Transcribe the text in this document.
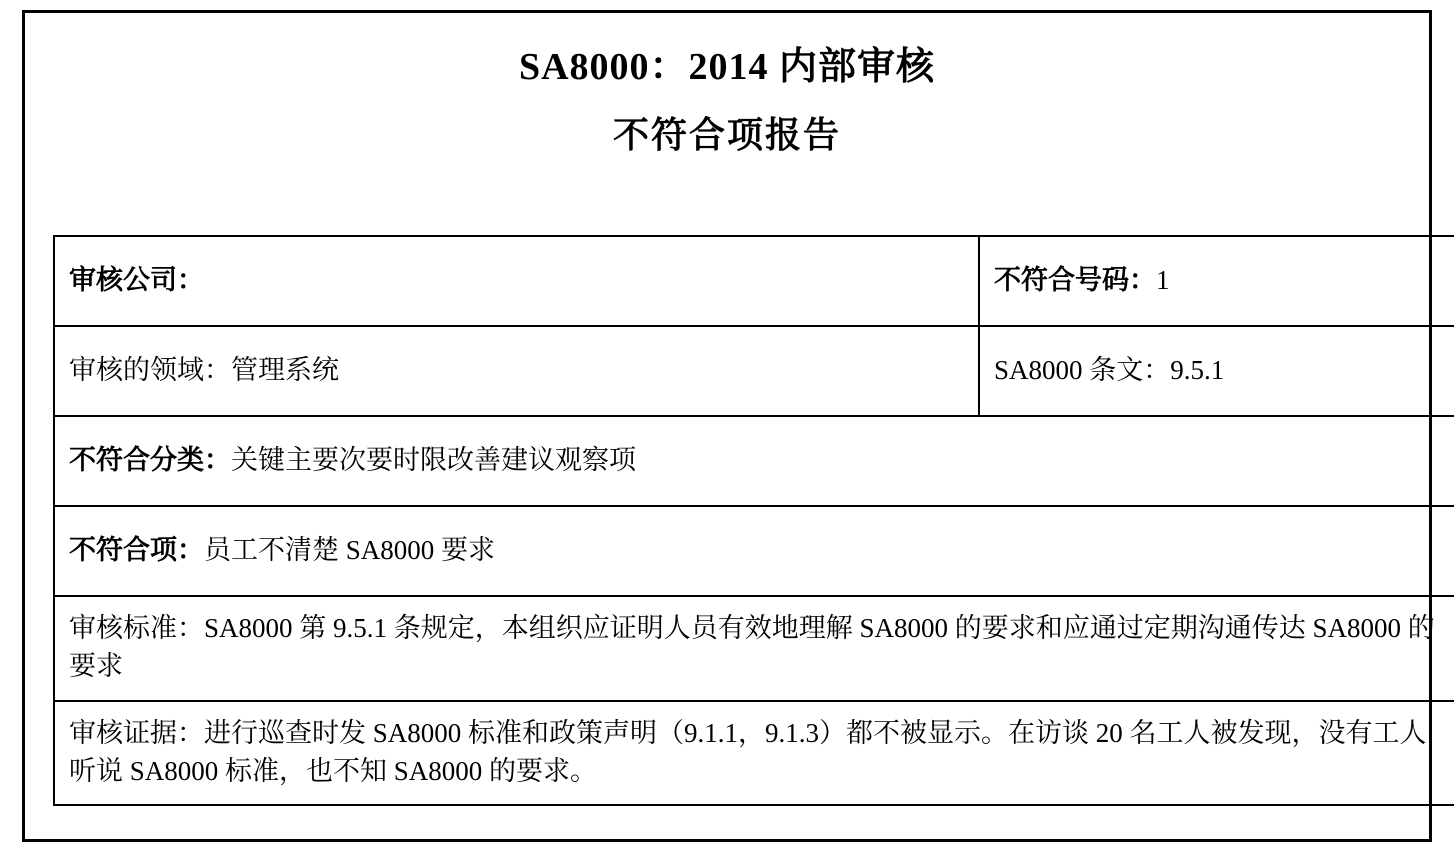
SA8000：2014 内部审核
不符合项报告
审核公司：	不符合号码：1
审核的领域：管理系统	SA8000 条文：9.5.1
不符合分类：关键主要次要时限改善建议观察项	
不符合项：员工不清楚 SA8000 要求	
审核标准：SA8000 第 9.5.1 条规定，本组织应证明人员有效地理解 SA8000 的要求和应通过定期沟通传达 SA8000 的要求	
审核证据：进行巡查时发 SA8000 标准和政策声明（9.1.1，9.1.3）都不被显示。在访谈 20 名工人被发现，没有工人听说 SA8000 标准，也不知 SA8000 的要求。	
